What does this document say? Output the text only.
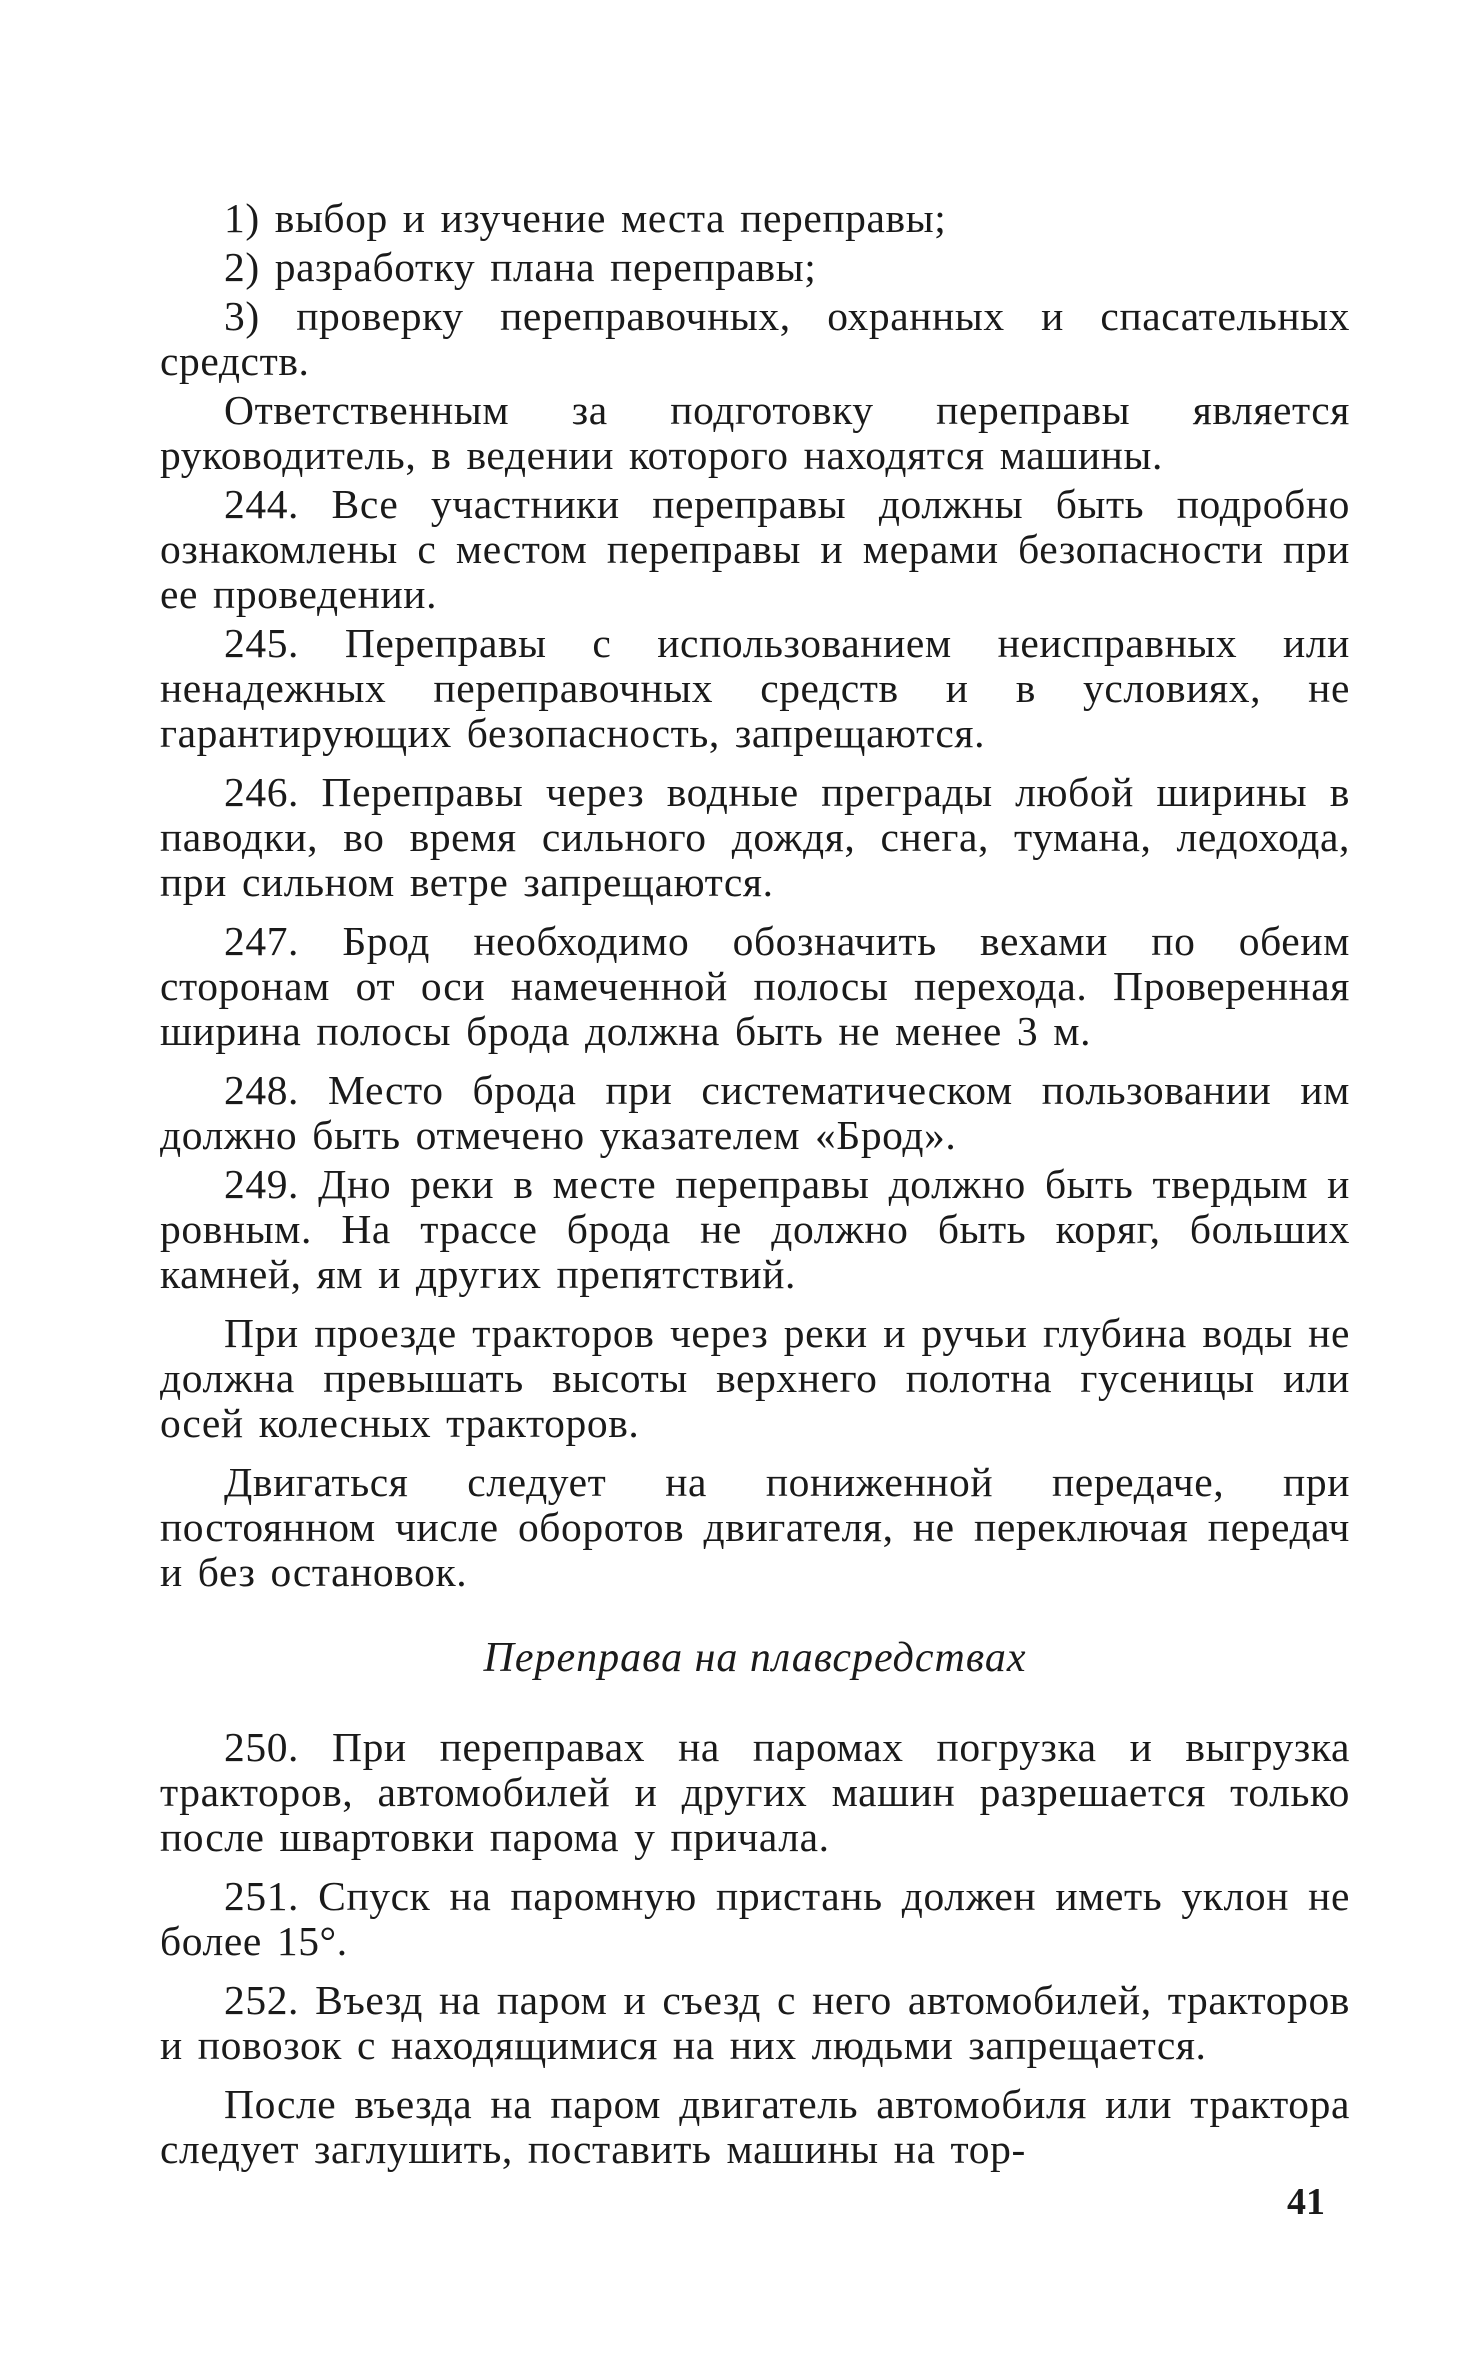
1) выбор и изучение места переправы;
2) разработку плана переправы;
3) проверку переправочных, охранных и спасательных средств.
Ответственным за подготовку переправы является руководитель, в ведении которого находятся машины.
244. Все участники переправы должны быть подробно ознакомлены с местом переправы и мерами безопасности при ее проведении.
245. Переправы с использованием неисправных или ненадежных переправочных средств и в условиях, не гарантирующих безопасность, запрещаются.
246. Переправы через водные преграды любой ширины в паводки, во время сильного дождя, снега, тумана, ледохода, при сильном ветре запрещаются.
247. Брод необходимо обозначить вехами по обеим сторонам от оси намеченной полосы перехода. Проверенная ширина полосы брода должна быть не менее 3 м.
248. Место брода при систематическом пользовании им должно быть отмечено указателем «Брод».
249. Дно реки в месте переправы должно быть твердым и ровным. На трассе брода не должно быть коряг, больших камней, ям и других препятствий.
При проезде тракторов через реки и ручьи глубина воды не должна превышать высоты верхнего полотна гусеницы или осей колесных тракторов.
Двигаться следует на пониженной передаче, при постоянном числе оборотов двигателя, не переключая передач и без остановок.
Переправа на плавсредствах
250. При переправах на паромах погрузка и выгрузка тракторов, автомобилей и других машин разрешается только после швартовки парома у причала.
251. Спуск на паромную пристань должен иметь уклон не более 15°.
252. Въезд на паром и съезд с него автомобилей, тракторов и повозок с находящимися на них людьми запрещается.
После въезда на паром двигатель автомобиля или трактора следует заглушить, поставить машины на тор-
41
